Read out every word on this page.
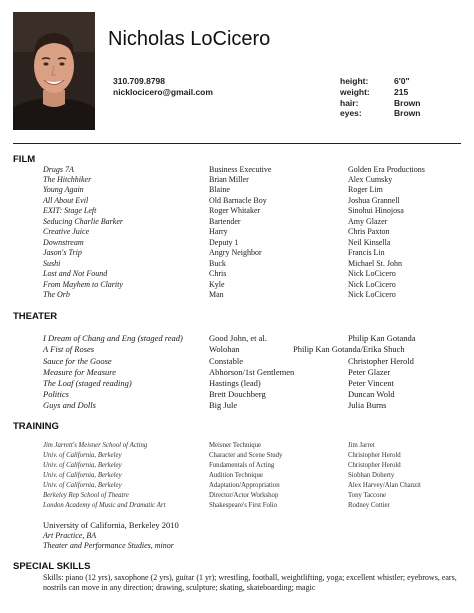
Nicholas LoCicero
310.709.8798
nicklocicero@gmail.com
height:	6'0"
weight:	215
hair:	Brown
eyes:	Brown
FILM
Drugs 7A	Business Executive	Golden Era Productions
The Hitchhiker	Brian Miller	Alex Cumsky
Young Again	Blaine	Roger Lim
All About Evil	Old Barnacle Boy	Joshua Grannell
EXIT: Stage Left	Roger Whitaker	Sinohui Hinojosa
Seducing Charlie Barker	Bartender	Amy Glazer
Creative Juice	Harry	Chris Paxton
Downstream	Deputy 1	Neil Kinsella
Jason's Trip	Angry Neighbor	Francis Lin
Sushi	Buck	Michael St. John
Lost and Not Found	Chris	Nick LoCicero
From Mayhem to Clarity	Kyle	Nick LoCicero
The Orb	Man	Nick LoCicero
THEATER
I Dream of Chang and Eng (staged read)	Good John, et al.	Philip Kan Gotanda
A Fist of Roses	Wolohan	Philip Kan Gotanda/Erika Shuch
Sauce for the Goose	Constable	Christopher Herold
Measure for Measure	Abhorson/1st Gentlemen	Peter Glazer
The Loaf (staged reading)	Hastings (lead)	Peter Vincent
Politics	Brett Douchberg	Duncan Wold
Guys and Dolls	Big Jule	Julia Burns
TRAINING
Jim Jarrett's Meisner School of Acting	Meisner Technique	Jim Jarret
Univ. of California, Berkeley	Character and Scene Study	Christopher Herold
Univ. of California, Berkeley	Fundamentals of Acting	Christopher Herold
Univ. of California, Berkeley	Audition Technique	Siobhan Doherty
Univ. of California, Berkeley	Adaptation/Appropriation	Alex Harvey/Alan Chanzit
Berkeley Rep School of Theatre	Director/Actor Workshop	Tony Taccone
London Academy of Music and Dramatic Art	Shakespeare's First Folio	Rodney Cottier
University of California, Berkeley 2010
Art Practice, BA
Theater and Performance Studies, minor
SPECIAL SKILLS
Skills: piano (12 yrs), saxophone (2 yrs), guitar (1 yr); wrestling, football, weightlifting, yoga; excellent whistler; eyebrows, ears, nostrils can move in any direction; drawing, sculpture; skating, skateboarding; magic
